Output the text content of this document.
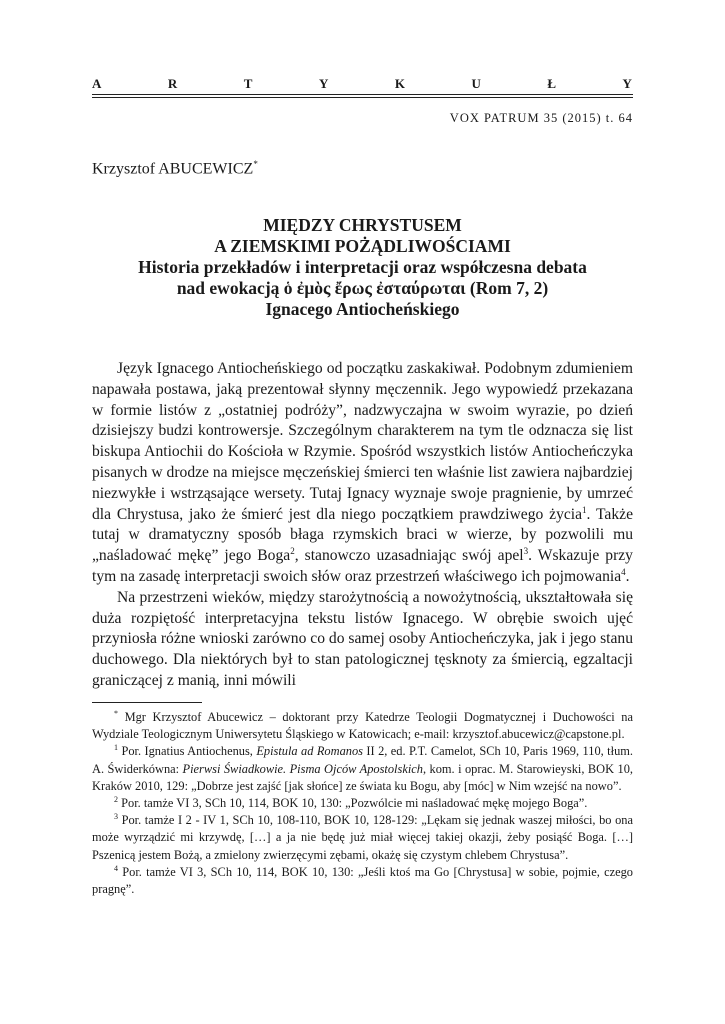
A	R	T	Y	K	U	Ł	Y
VOX PATRUM 35 (2015) t. 64
Krzysztof ABUCEWICZ*
MIĘDZY CHRYSTUSEM
A ZIEMSKIMI POŻĄDLIWOŚCIAMI
Historia przekładów i interpretacji oraz współczesna debata
nad ewokacją ὁ ἐμὸς ἔρως ἐσταύρωται (Rom 7, 2)
Ignacego Antiocheńskiego

Język Ignacego Antiocheńskiego od początku zaskakiwał. Podobnym zdumieniem napawała postawa, jaką prezentował słynny męczennik. Jego wypowiedź przekazana w formie listów z „ostatniej podróży”, nadzwyczajna w swoim wyrazie, po dzień dzisiejszy budzi kontrowersje. Szczególnym charakterem na tym tle odznacza się list biskupa Antiochii do Kościoła w Rzymie. Spośród wszystkich listów Antiocheńczyka pisanych w drodze na miejsce męczeńskiej śmierci ten właśnie list zawiera najbardziej niezwykłe i wstrząsające wersety. Tutaj Ignacy wyznaje swoje pragnienie, by umrzeć dla Chrystusa, jako że śmierć jest dla niego początkiem prawdziwego życia$^1$. Także tutaj w dramatyczny sposób błaga rzymskich braci w wierze, by pozwolili mu „naśladować mękę” jego Boga$^2$, stanowczo uzasadniając swój apel$^3$. Wskazuje przy tym na zasadę interpretacji swoich słów oraz przestrzeń właściwego ich pojmowania$^4$.

Na przestrzeni wieków, między starożytnością a nowożytnością, ukształtowała się duża rozpiętość interpretacyjna tekstu listów Ignacego. W obrębie swoich ujęć przyniosła różne wnioski zarówno co do samej osoby Antiocheńczyka, jak i jego stanu duchowego. Dla niektórych był to stan patologicznej tęsknoty za śmiercią, egzaltacji graniczącej z manią, inni mówili

* Mgr Krzysztof Abucewicz – doktorant przy Katedrze Teologii Dogmatycznej i Duchowości na Wydziale Teologicznym Uniwersytetu Śląskiego w Katowicach; e-mail: krzysztof.abucewicz@capstone.pl.

$^1$ Por. Ignatius Antiochenus, Epistula ad Romanos II 2, ed. P.T. Camelot, SCh 10, Paris 1969, 110, tłum. A. Świderkówna: Pierwsi Świadkowie. Pisma Ojców Apostolskich, kom. i oprac. M. Starowieyski, BOK 10, Kraków 2010, 129: „Dobrze jest zajść [jak słońce] ze świata ku Bogu, aby [móc] w Nim wzejść na nowo”.

$^2$ Por. tamże VI 3, SCh 10, 114, BOK 10, 130: „Pozwólcie mi naśladować mękę mojego Boga”.

$^3$ Por. tamże I 2 - IV 1, SCh 10, 108-110, BOK 10, 128-129: „Lękam się jednak waszej miłości, bo ona może wyrządzić mi krzywdę, […] a ja nie będę już miał więcej takiej okazji, żeby posiąść Boga. […] Pszenicą jestem Bożą, a zmielony zwierzęcymi zębami, okażę się czystym chlebem Chrystusa”.

$^4$ Por. tamże VI 3, SCh 10, 114, BOK 10, 130: „Jeśli ktoś ma Go [Chrystusa] w sobie, pojmie, czego pragnę”.
